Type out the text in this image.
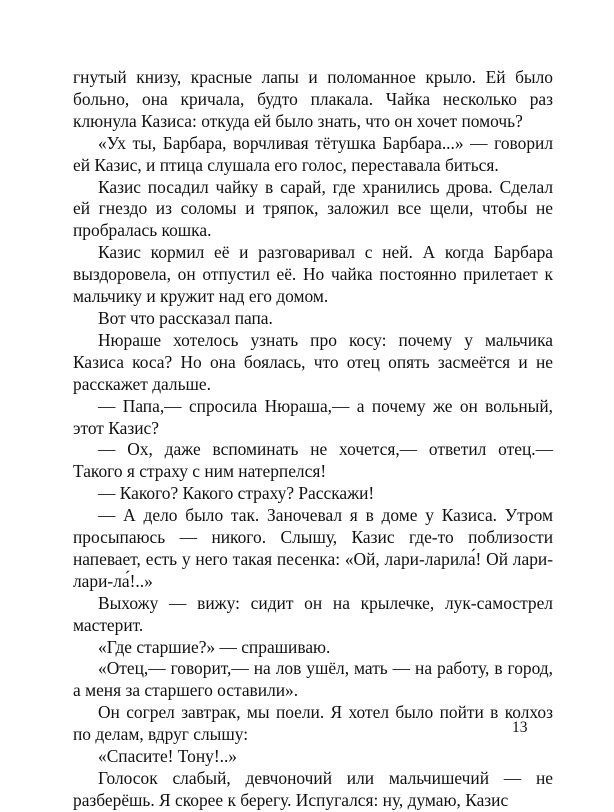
гнутый книзу, красные лапы и поломанное крыло. Ей было больно, она кричала, будто плакала. Чайка несколько раз клюнула Казиса: откуда ей было знать, что он хочет помочь?

«Ух ты, Барбара, ворчливая тётушка Барбара...» — говорил ей Казис, и птица слушала его голос, переставала биться.

Казис посадил чайку в сарай, где хранились дрова. Сделал ей гнездо из соломы и тряпок, заложил все щели, чтобы не пробралась кошка.

Казис кормил её и разговаривал с ней. А когда Барбара выздоровела, он отпустил её. Но чайка постоянно прилетает к мальчику и кружит над его домом.

Вот что рассказал папа.

Нюраше хотелось узнать про косу: почему у мальчика Казиса коса? Но она боялась, что отец опять засмеётся и не расскажет дальше.

— Папа,— спросила Нюраша,— а почему же он вольный, этот Казис?

— Ох, даже вспоминать не хочется,— ответил отец.— Такого я страху с ним натерпелся!

— Какого? Какого страху? Расскажи!

— А дело было так. Заночевал я в доме у Казиса. Утром просыпаюсь — никого. Слышу, Казис где-то поблизости напевает, есть у него такая песенка: «Ой, лари-ларила́! Ой лари-лари-ла́!..»

Выхожу — вижу: сидит он на крылечке, лук-самострел мастерит.

«Где старшие?» — спрашиваю.

«Отец,— говорит,— на лов ушёл, мать — на работу, в город, а меня за старшего оставили».

Он согрел завтрак, мы поели. Я хотел было пойти в колхоз по делам, вдруг слышу:

«Спасите! Тону!..»

Голосок слабый, девчоночий или мальчишечий — не разберёшь. Я скорее к берегу. Испугался: ну, думаю, Казис

13
